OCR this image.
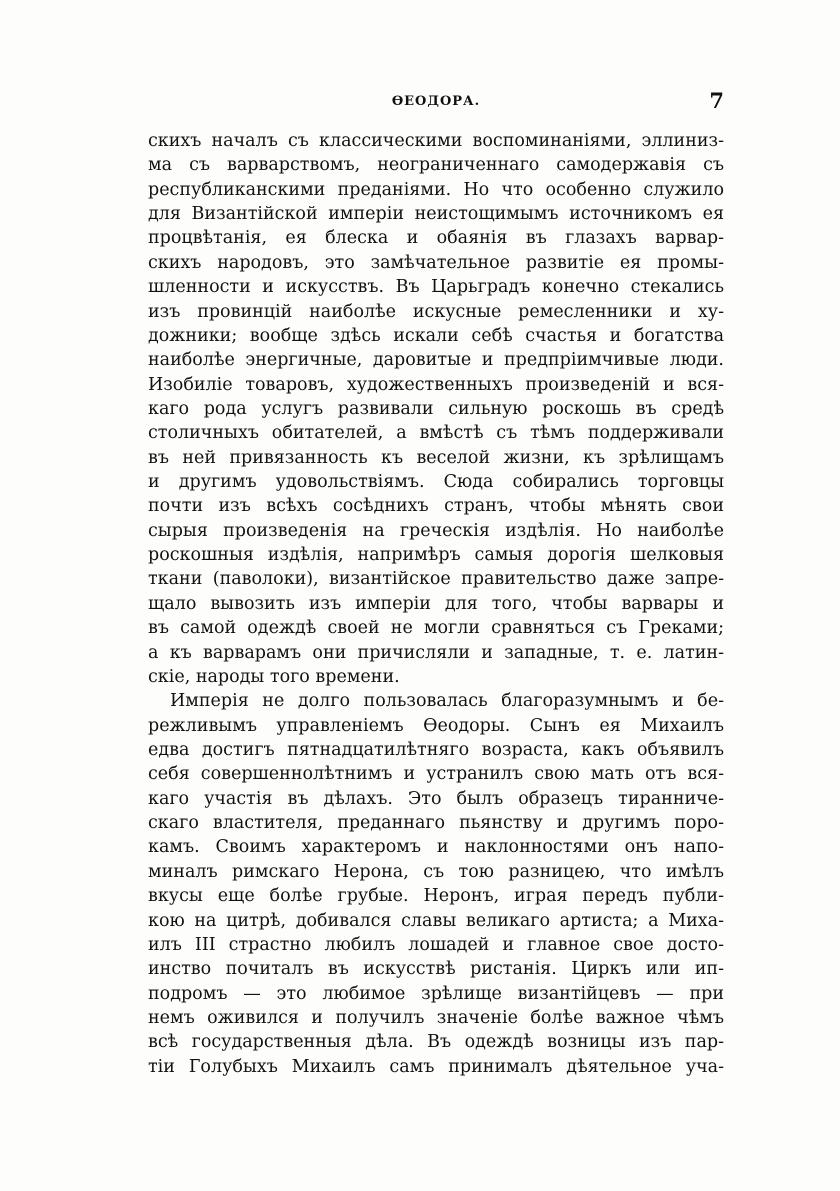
ѲЕОДОРА.	7
скихъ началъ съ классическими воспоминаніями, эллиниз-
ма съ варварствомъ, неограниченнаго самодержавія съ
республиканскими преданіями. Но что особенно служило
для Византійской имперіи неистощимымъ источникомъ ея
процвѣтанія, ея блеска и обаянія въ глазахъ варвар-
скихъ народовъ, это замѣчательное развитіе ея промы-
шленности и искусствъ. Въ Царьградъ конечно стекались
изъ провинцій наиболѣе искусные ремесленники и ху-
дожники; вообще здѣсь искали себѣ счастья и богатства
наиболѣе энергичные, даровитые и предпріимчивые люди.
Изобиліе товаровъ, художественныхъ произведеній и вся-
каго рода услугъ развивали сильную роскошь въ средѣ
столичныхъ обитателей, а вмѣстѣ съ тѣмъ поддерживали
въ ней привязанность къ веселой жизни, къ зрѣлищамъ
и другимъ удовольствіямъ. Сюда собирались торговцы
почти изъ всѣхъ сосѣднихъ странъ, чтобы мѣнять свои
сырыя произведенія на греческія издѣлія. Но наиболѣе
роскошныя издѣлія, напримѣръ самыя дорогія шелковыя
ткани (паволоки), византійское правительство даже запре-
щало вывозить изъ имперіи для того, чтобы варвары и
въ самой одеждѣ своей не могли сравняться съ Греками;
а къ варварамъ они причисляли и западные, т. е. латин-
скіе, народы того времени.
Имперія не долго пользовалась благоразумнымъ и бе-
режливымъ управленіемъ Ѳеодоры. Сынъ ея Михаилъ
едва достигъ пятнадцатилѣтняго возраста, какъ объявилъ
себя совершеннолѣтнимъ и устранилъ свою мать отъ вся-
каго участія въ дѣлахъ. Это былъ образецъ тиранниче-
скаго властителя, преданнаго пьянству и другимъ поро-
камъ. Своимъ характеромъ и наклонностями онъ напо-
миналъ римскаго Нерона, съ тою разницею, что имѣлъ
вкусы еще болѣе грубые. Неронъ, играя передъ публи-
кою на цитрѣ, добивался славы великаго артиста; а Миха-
илъ III страстно любилъ лошадей и главное свое досто-
инство почиталъ въ искусствѣ ристанія. Циркъ или ип-
подромъ — это любимое зрѣлище византійцевъ — при
немъ оживился и получилъ значеніе болѣе важное чѣмъ
всѣ государственныя дѣла. Въ одеждѣ возницы изъ пар-
тіи Голубыхъ Михаилъ самъ принималъ дѣятельное уча-
